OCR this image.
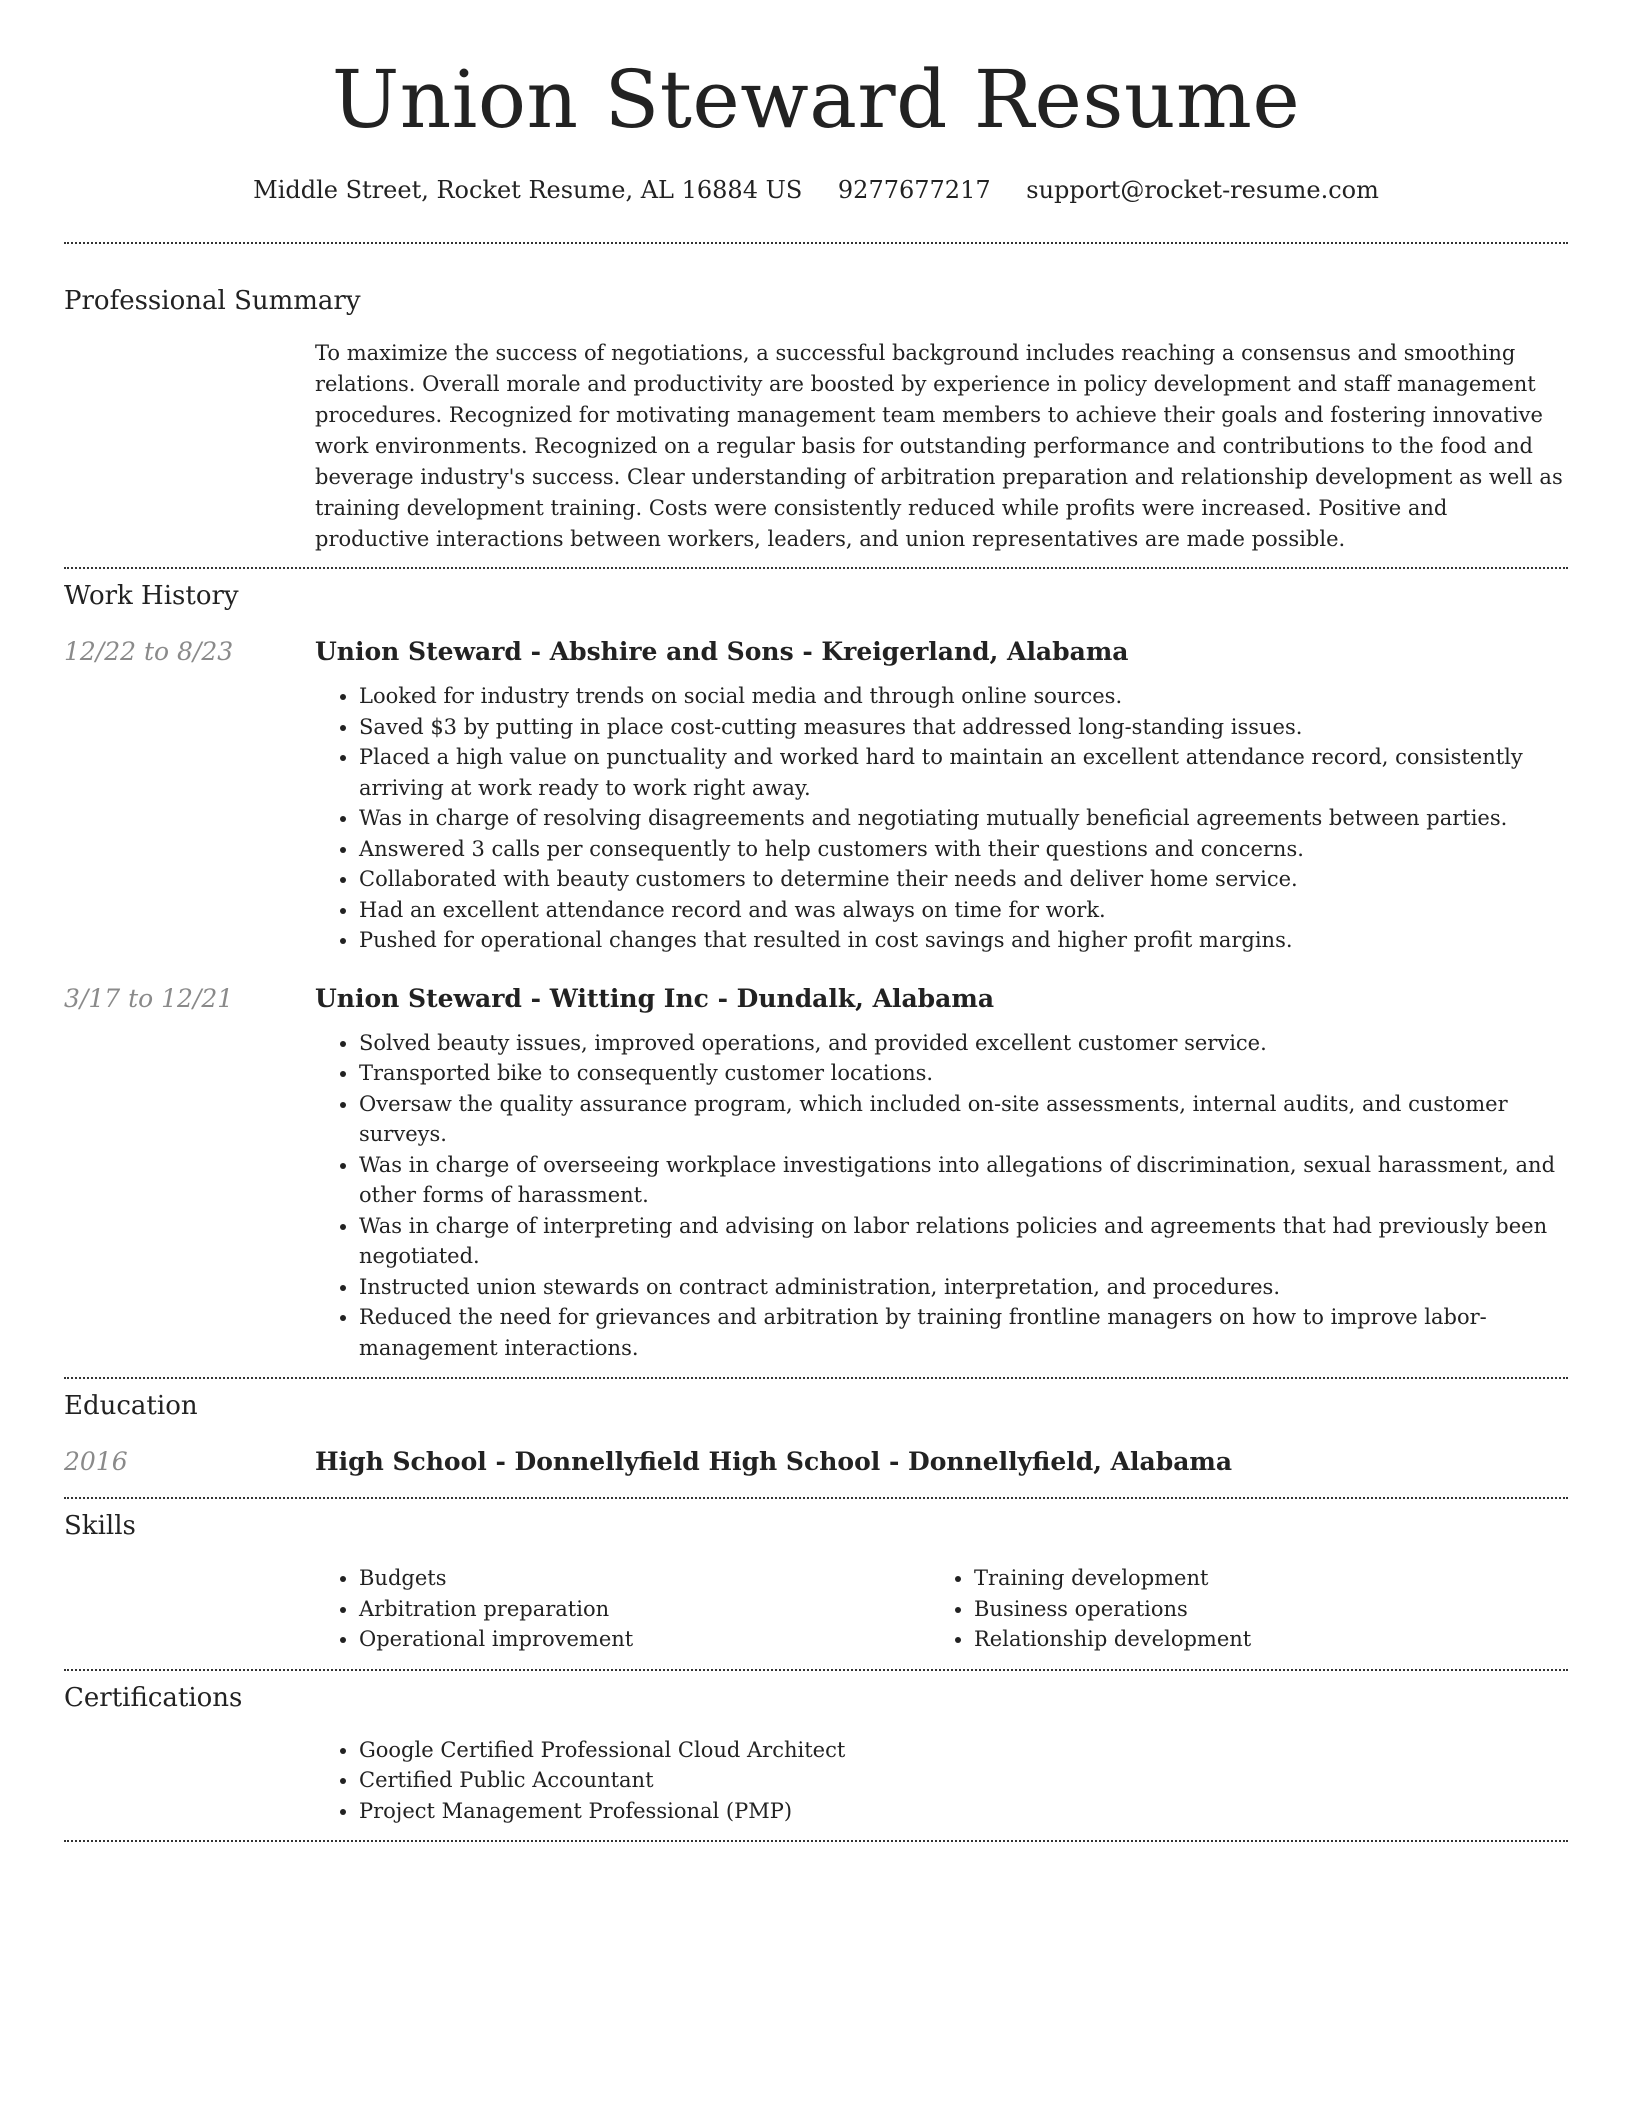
Union Steward Resume
Middle Street, Rocket Resume, AL 16884 US 9277677217 support@rocket-resume.com
Professional Summary

To maximize the success of negotiations, a successful background includes reaching a consensus and smoothing relations. Overall morale and productivity are boosted by experience in policy development and staff management procedures. Recognized for motivating management team members to achieve their goals and fostering innovative work environments. Recognized on a regular basis for outstanding performance and contributions to the food and beverage industry's success. Clear understanding of arbitration preparation and relationship development as well as training development training. Costs were consistently reduced while profits were increased. Positive and productive interactions between workers, leaders, and union representatives are made possible.

Work History
12/22 to 8/23	Union Steward - Abshire and Sons - Kreigerland, Alabama
• Looked for industry trends on social media and through online sources.
• Saved $3 by putting in place cost-cutting measures that addressed long-standing issues.
• Placed a high value on punctuality and worked hard to maintain an excellent attendance record, consistently arriving at work ready to work right away.
• Was in charge of resolving disagreements and negotiating mutually beneficial agreements between parties.
• Answered 3 calls per consequently to help customers with their questions and concerns.
• Collaborated with beauty customers to determine their needs and deliver home service.
• Had an excellent attendance record and was always on time for work.
• Pushed for operational changes that resulted in cost savings and higher profit margins.
3/17 to 12/21	Union Steward - Witting Inc - Dundalk, Alabama
• Solved beauty issues, improved operations, and provided excellent customer service.
• Transported bike to consequently customer locations.
• Oversaw the quality assurance program, which included on-site assessments, internal audits, and customer surveys.
• Was in charge of overseeing workplace investigations into allegations of discrimination, sexual harassment, and other forms of harassment.
• Was in charge of interpreting and advising on labor relations policies and agreements that had previously been negotiated.
• Instructed union stewards on contract administration, interpretation, and procedures.
• Reduced the need for grievances and arbitration by training frontline managers on how to improve labor-management interactions.
Education
2016	High School - Donnellyfield High School - Donnellyfield, Alabama
Skills
• Budgets
• Arbitration preparation
• Operational improvement
• Training development
• Business operations
• Relationship development
Certifications
• Google Certified Professional Cloud Architect
• Certified Public Accountant
• Project Management Professional (PMP)
